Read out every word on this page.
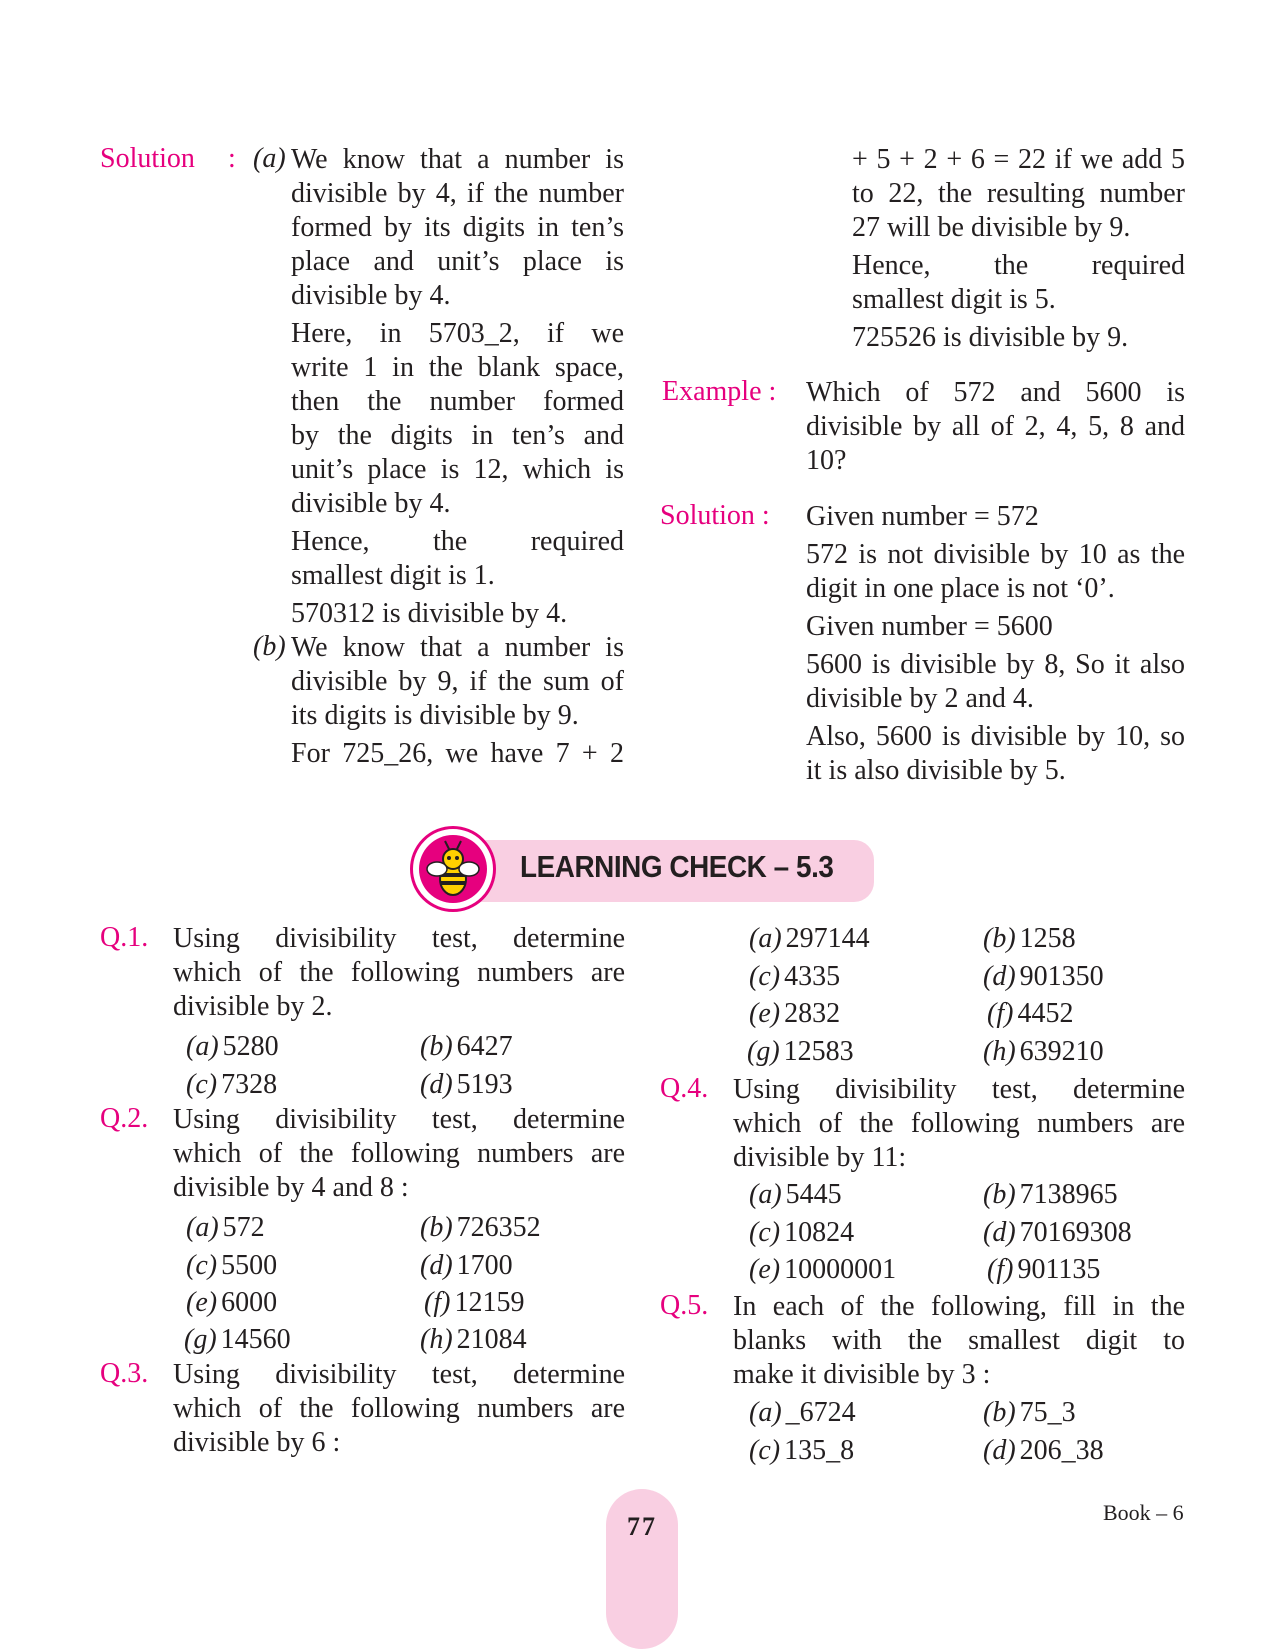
Solution : (a) We know that a number is
divisible by 4, if the number
formed by its digits in ten’s
place and unit’s place is
divisible by 4.
Here, in 5703_2, if we
write 1 in the blank space,
then the number formed
by the digits in ten’s and
unit’s place is 12, which is
divisible by 4.
Hence, the required
smallest digit is 1.
570312 is divisible by 4.
(b) We know that a number is
divisible by 9, if the sum of
its digits is divisible by 9.
For 725_26, we have 7 + 2
+ 5 + 2 + 6 = 22 if we add 5
to 22, the resulting number
27 will be divisible by 9.
Hence, the required
smallest digit is 5.
725526 is divisible by 9.
Example : Which of 572 and 5600 is
divisible by all of 2, 4, 5, 8 and
10?
Solution : Given number = 572
572 is not divisible by 10 as the
digit in one place is not ‘0’.
Given number = 5600
5600 is divisible by 8, So it also
divisible by 2 and 4.
Also, 5600 is divisible by 10, so
it is also divisible by 5.
LEARNING CHECK – 5.3
Q.1. Using divisibility test, determine
which of the following numbers are
divisible by 2.
(a) 5280	(b) 6427
(c) 7328	(d) 5193
Q.2. Using divisibility test, determine
which of the following numbers are
divisible by 4 and 8 :
(a) 572	(b) 726352
(c) 5500	(d) 1700
(e) 6000	(f) 12159
(g) 14560	(h) 21084
Q.3. Using divisibility test, determine
which of the following numbers are
divisible by 6 :
(a) 297144	(b) 1258
(c) 4335	(d) 901350
(e) 2832	(f) 4452
(g) 12583	(h) 639210
Q.4. Using divisibility test, determine
which of the following numbers are
divisible by 11:
(a) 5445	(b) 7138965
(c) 10824	(d) 70169308
(e) 10000001	(f) 901135
Q.5. In each of the following, fill in the
blanks with the smallest digit to
make it divisible by 3 :
(a) _6724	(b) 75_3
(c) 135_8	(d) 206_38
77	Book – 6
